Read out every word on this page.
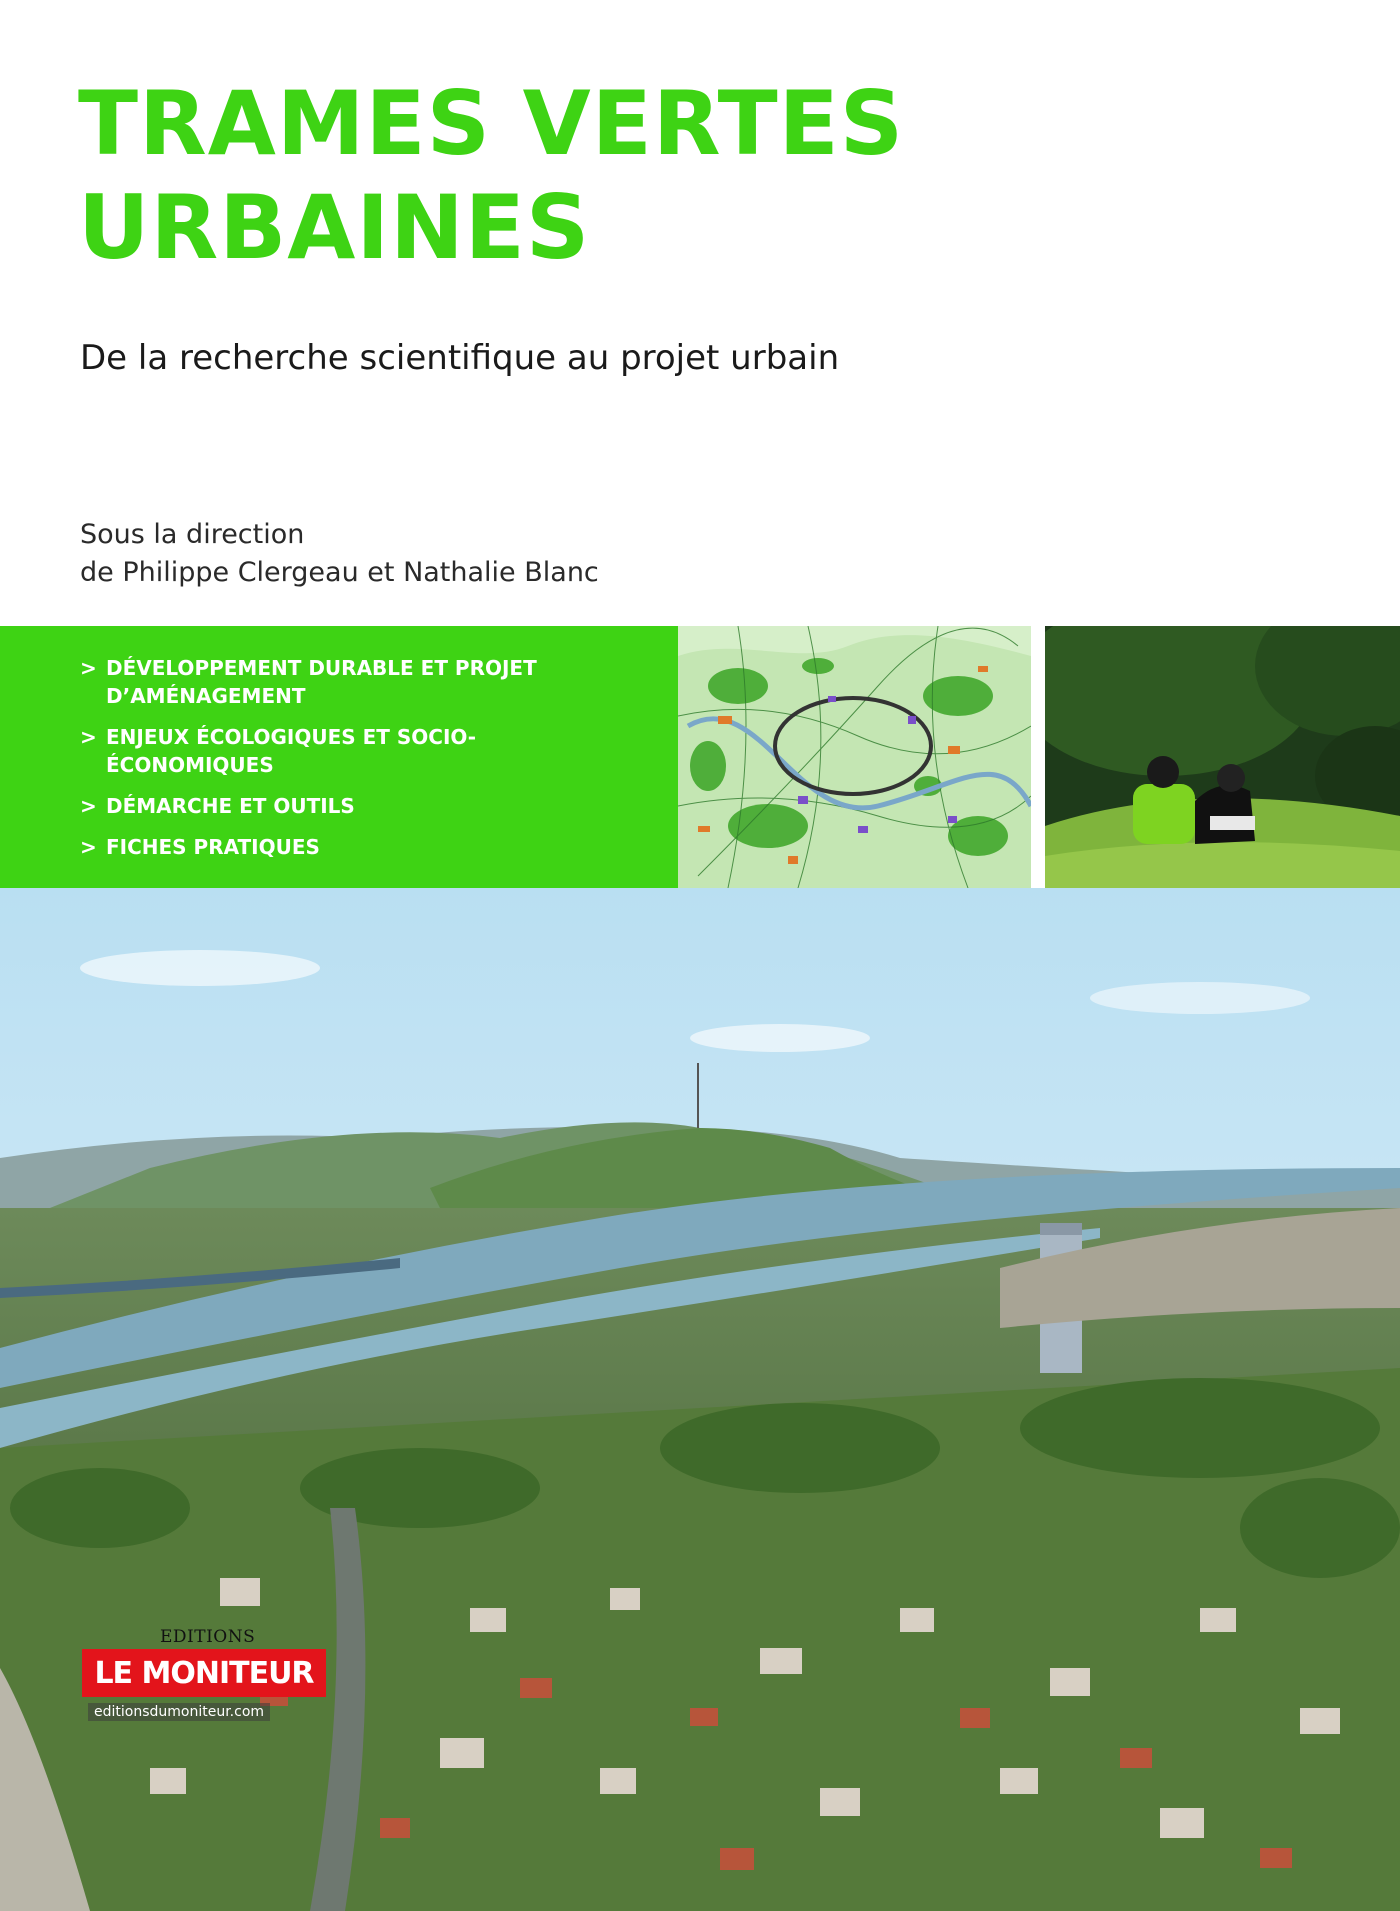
TRAMES VERTES
URBAINES

De la recherche scientifique au projet urbain

Sous la direction
de Philippe Clergeau et Nathalie Blanc
> DÉVELOPPEMENT DURABLE ET PROJET
D’AMÉNAGEMENT
> ENJEUX ÉCOLOGIQUES ET SOCIO-
ÉCONOMIQUES
> DÉMARCHE ET OUTILS
> FICHES PRATIQUES
EDITIONS
LE MONITEUR
editionsdumoniteur.com
